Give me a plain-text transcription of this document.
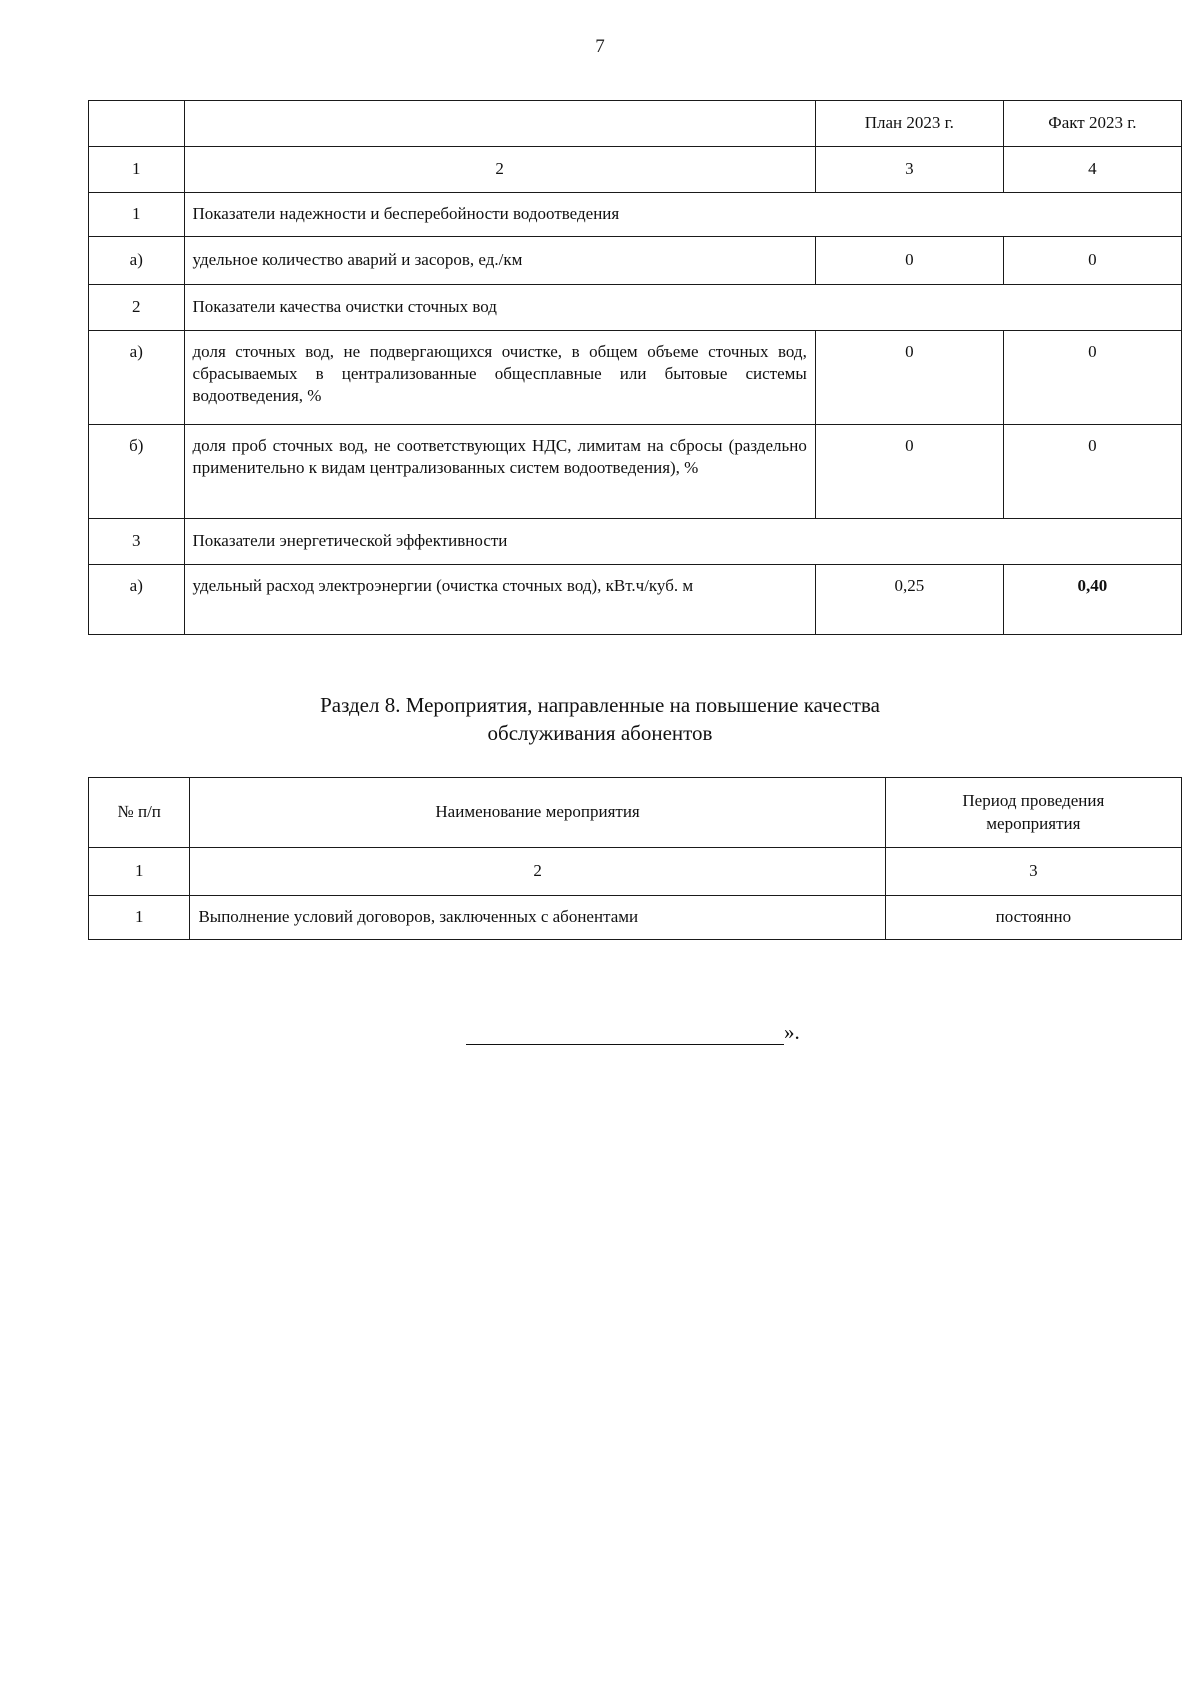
7
		План 2023 г.	Факт 2023 г.
1	2	3	4
1	Показатели надежности и бесперебойности водоотведения		
а)	удельное количество аварий и засоров, ед./км	0	0
2	Показатели качества очистки сточных вод		

а)	доля сточных вод, не подвергающихся очистке, в общем объеме сточных вод, сбрасываемых в централизованные общесплавные или бытовые системы водоотведения, %	0	0

б)	доля проб сточных вод, не соответствующих НДС, лимитам на сбросы (раздельно применительно к видам централизованных систем водоотведения), %	0	0

3	Показатели энергетической эффективности		

а)	удельный расход электроэнергии (очистка сточных вод), кВт.ч/куб. м	0,25	0,40
Раздел 8. Мероприятия, направленные на повышение качества
обслуживания абонентов
№ п/п	Наименование мероприятия	Период проведения
мероприятия

1	2	3
1	Выполнение условий договоров, заключенных с абонентами	постоянно
».
